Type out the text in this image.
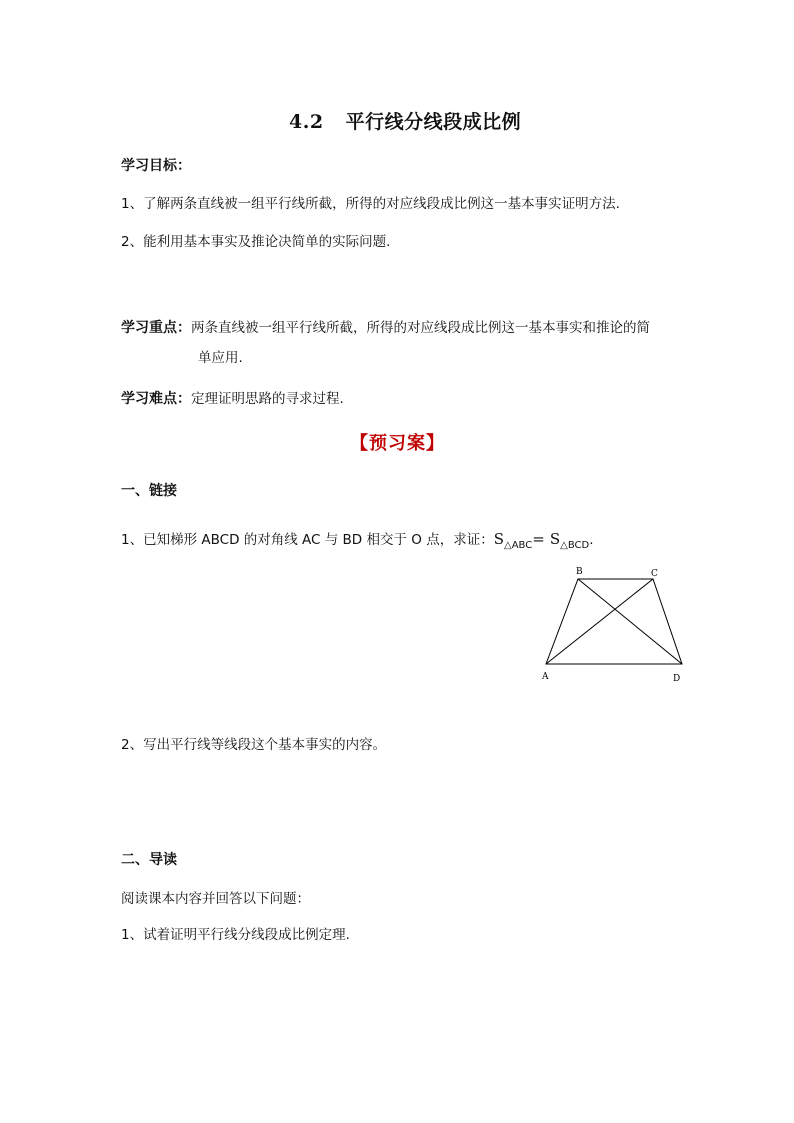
4.2 平行线分线段成比例
学习目标：
1、了解两条直线被一组平行线所截，所得的对应线段成比例这一基本事实证明方法.
2、能利用基本事实及推论决简单的实际问题.
学习重点：两条直线被一组平行线所截，所得的对应线段成比例这一基本事实和推论的简
单应用.
学习难点：定理证明思路的寻求过程.
【预习案】
一、链接
1、已知梯形 ABCD 的对角线 AC 与 BD 相交于 O 点，求证：$S_{\triangle ABC}= S_{\triangle BCD}$.
B	C
A	D
2、写出平行线等线段这个基本事实的内容。
二、导读
阅读课本内容并回答以下问题：
1、试着证明平行线分线段成比例定理.
